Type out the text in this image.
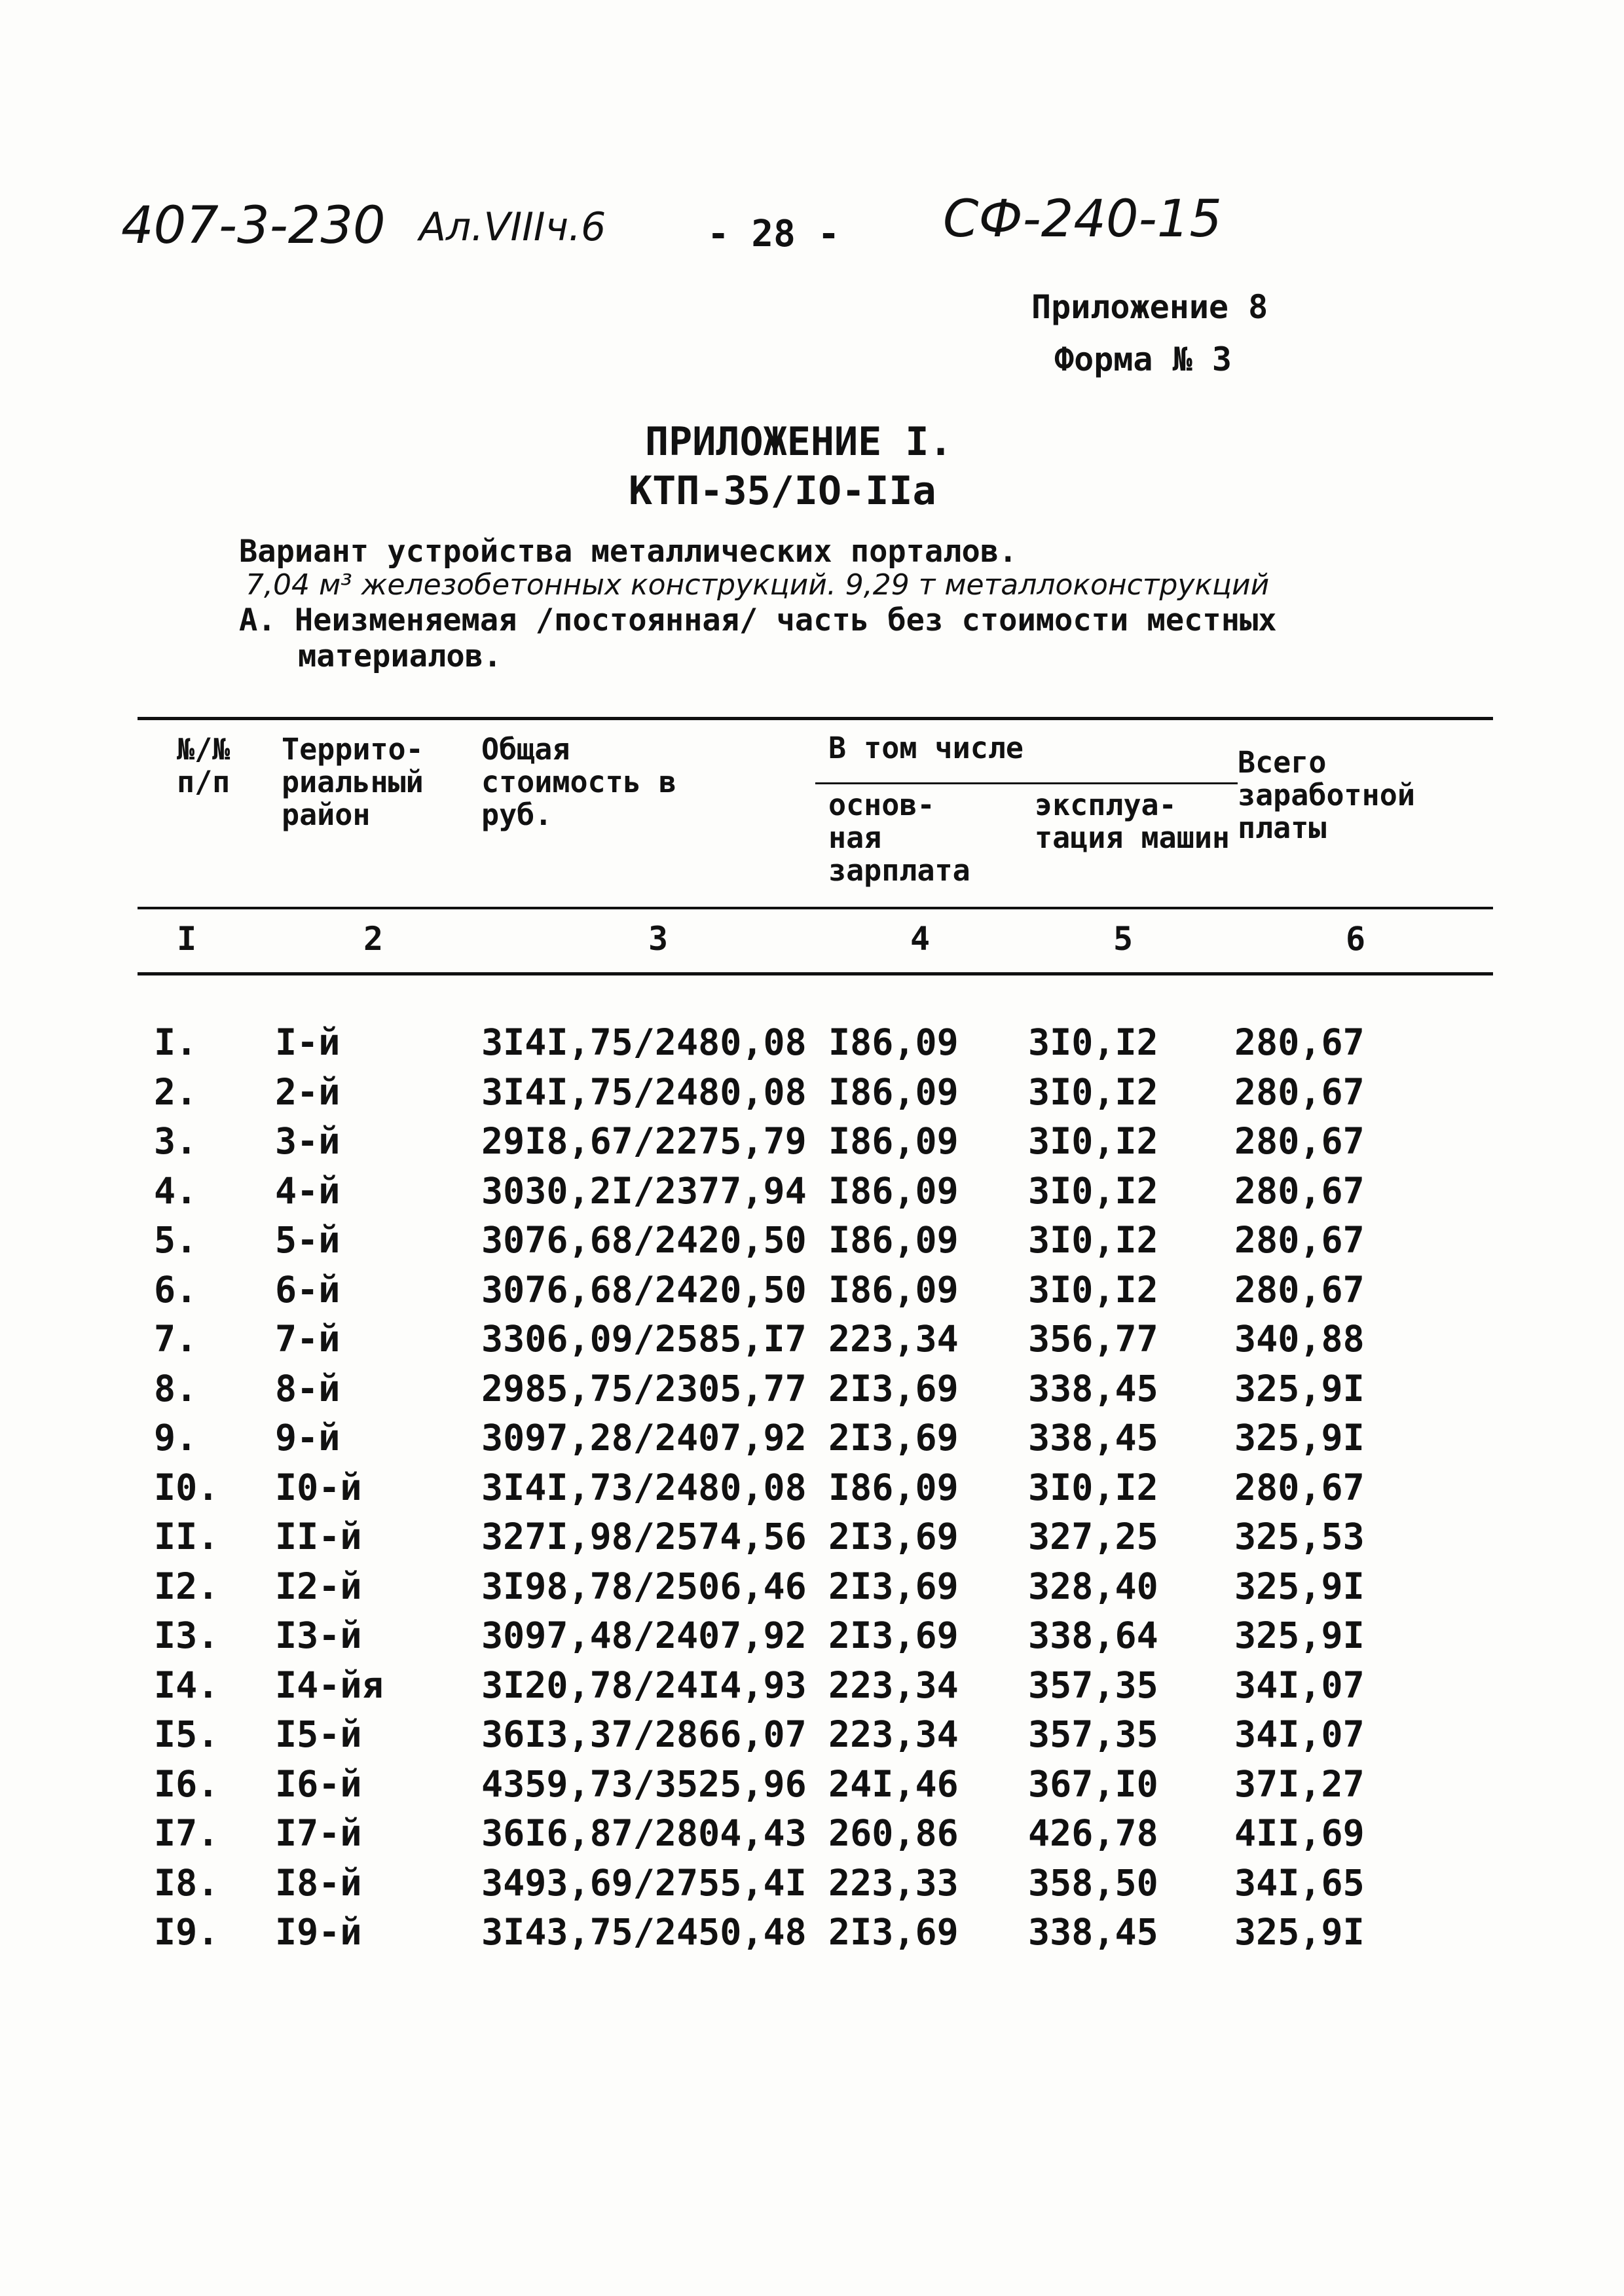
407-3-230 Ал.VIIIч.6	- 28 - СФ-240-15
Приложение 8
Форма № 3
ПРИЛОЖЕНИЕ I.
КТП-35/IO-IIa
Вариант устройства металлических порталов.
7,04 м³ железобетонных конструкций. 9,29 т металлоконструкций
А. Неизменяемая /постоянная/ часть без стоимости местных
материалов.
№/№ п/п
Террито- риальный район
Общая стоимость в руб.
В том числе
основ- ная зарплата
эксплуа- тация машин
Всего заработной платы
I	2	3	4	5	6
I. I-й	3I4I,75/2480,08 I86,09 3I0,I2 280,67
2. 2-й	3I4I,75/2480,08 I86,09 3I0,I2 280,67
3. 3-й	29I8,67/2275,79 I86,09 3I0,I2 280,67
4. 4-й	3030,2I/2377,94 I86,09 3I0,I2 280,67
5. 5-й	3076,68/2420,50 I86,09 3I0,I2 280,67
6. 6-й	3076,68/2420,50 I86,09 3I0,I2 280,67
7. 7-й	3306,09/2585,I7 223,34 356,77 340,88
8. 8-й	2985,75/2305,77 2I3,69 338,45 325,9I
9. 9-й	3097,28/2407,92 2I3,69 338,45 325,9I
I0. I0-й	3I4I,73/2480,08 I86,09 3I0,I2 280,67
II. II-й	327I,98/2574,56 2I3,69 327,25 325,53
I2. I2-й	3I98,78/2506,46 2I3,69 328,40 325,9I
I3. I3-й	3097,48/2407,92 2I3,69 338,64 325,9I
I4. I4-йя	3I20,78/24I4,93 223,34 357,35 34I,07
I5. I5-й	36I3,37/2866,07 223,34 357,35 34I,07
I6. I6-й	4359,73/3525,96 24I,46 367,I0 37I,27
I7. I7-й	36I6,87/2804,43 260,86 426,78 4II,69
I8. I8-й	3493,69/2755,4I 223,33 358,50 34I,65
I9. I9-й	3I43,75/2450,48 2I3,69 338,45 325,9I
